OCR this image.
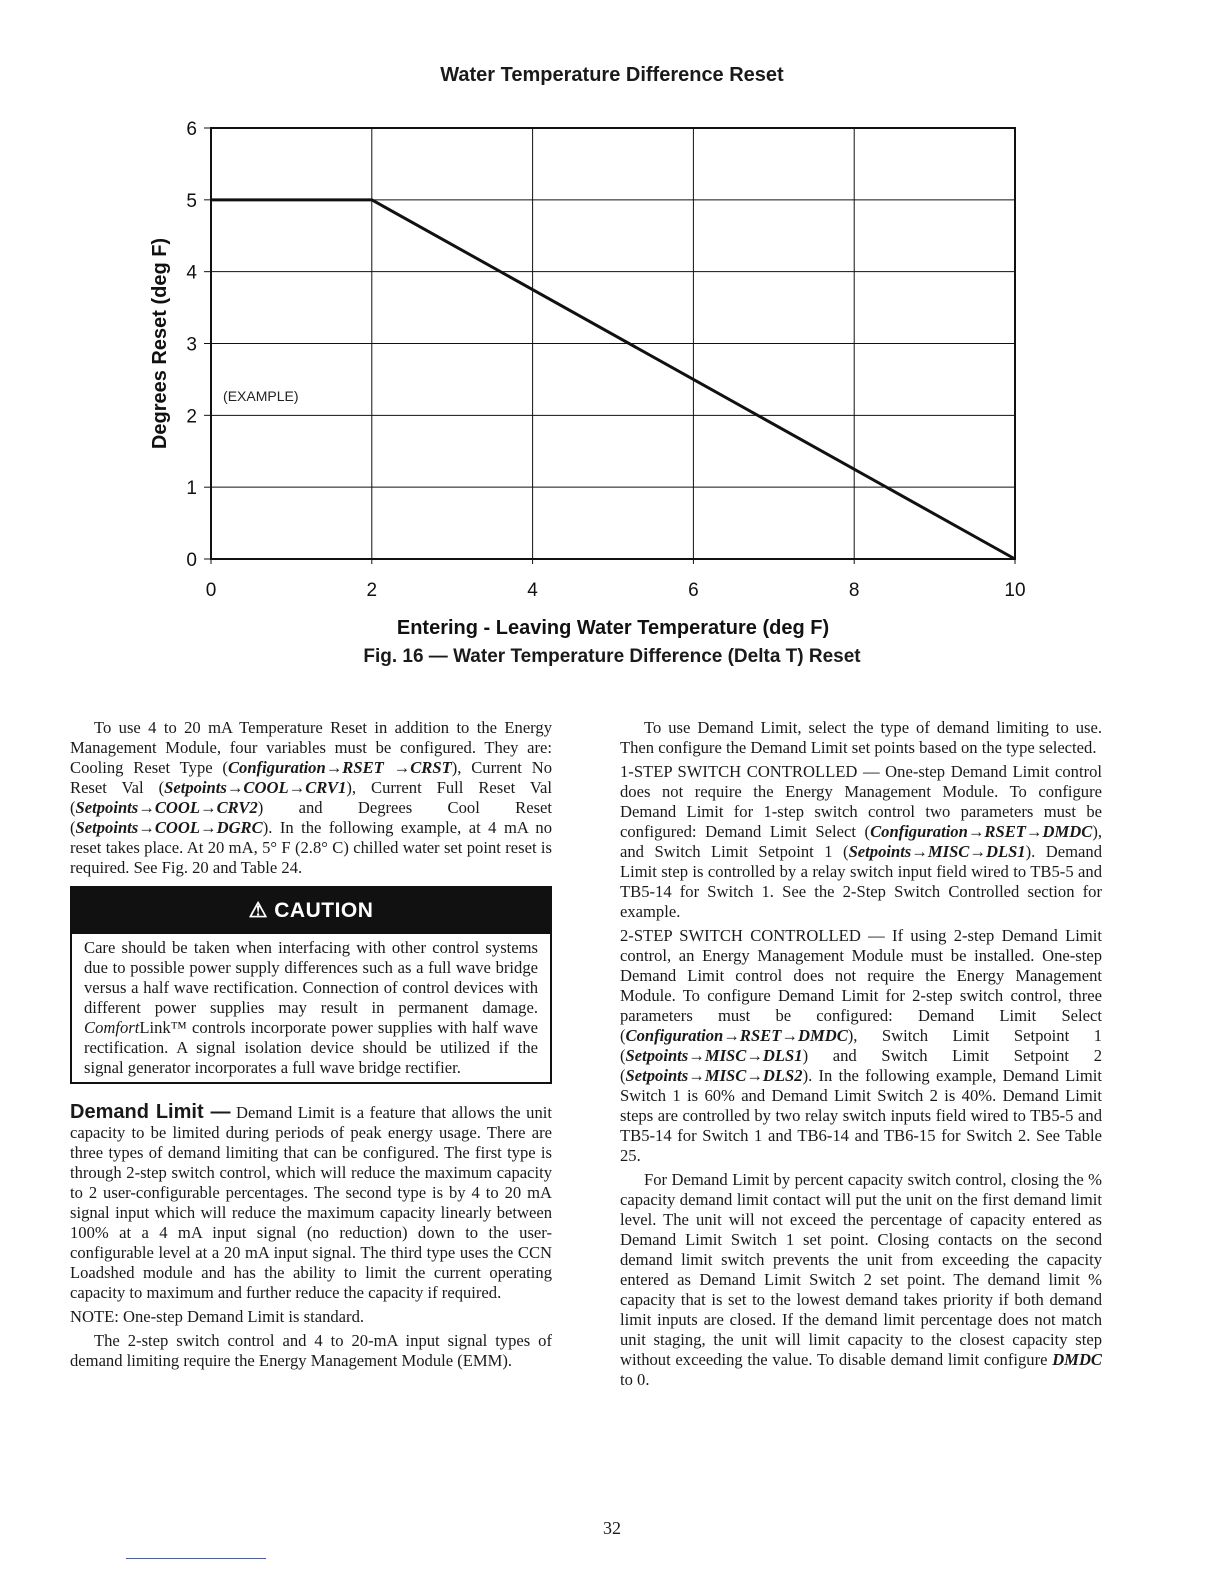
Water Temperature Difference Reset
0
1
2
3
4
5
6
0	2	4	6	8	10
(EXAMPLE)
Degrees Reset (deg F)
Entering - Leaving Water Temperature (deg F)
Fig. 16 — Water Temperature Difference (Delta T) Reset

To use 4 to 20 mA Temperature Reset in addition to the Energy Management Module, four variables must be configured. They are: Cooling Reset Type (Configuration→RSET →CRST), Current No Reset Val (Setpoints→COOL→CRV1), Current Full Reset Val (Setpoints→COOL→CRV2) and Degrees Cool Reset (Setpoints→COOL→DGRC). In the following example, at 4 mA no reset takes place. At 20 mA, 5° F (2.8° C) chilled water set point reset is required. See Fig. 20 and Table 24.

⚠ CAUTION
Care should be taken when interfacing with other control systems due to possible power supply differences such as a full wave bridge versus a half wave rectification. Connection of control devices with different power supplies may result in permanent damage. ComfortLink™ controls incorporate power supplies with half wave rectification. A signal isolation device should be utilized if the signal generator incorporates a full wave bridge rectifier.

Demand Limit — Demand Limit is a feature that allows the unit capacity to be limited during periods of peak energy usage. There are three types of demand limiting that can be configured. The first type is through 2-step switch control, which will reduce the maximum capacity to 2 user-configurable percentages. The second type is by 4 to 20 mA signal input which will reduce the maximum capacity linearly between 100% at a 4 mA input signal (no reduction) down to the user-configurable level at a 20 mA input signal. The third type uses the CCN Loadshed module and has the ability to limit the current operating capacity to maximum and further reduce the capacity if required.

NOTE: One-step Demand Limit is standard.

The 2-step switch control and 4 to 20-mA input signal types of demand limiting require the Energy Management Module (EMM).

To use Demand Limit, select the type of demand limiting to use. Then configure the Demand Limit set points based on the type selected.

1-STEP SWITCH CONTROLLED — One-step Demand Limit control does not require the Energy Management Module. To configure Demand Limit for 1-step switch control two parameters must be configured: Demand Limit Select (Configuration→RSET→DMDC), and Switch Limit Setpoint 1 (Setpoints→MISC→DLS1). Demand Limit step is controlled by a relay switch input field wired to TB5-5 and TB5-14 for Switch 1. See the 2-Step Switch Controlled section for example.

2-STEP SWITCH CONTROLLED — If using 2-step Demand Limit control, an Energy Management Module must be installed. One-step Demand Limit control does not require the Energy Management Module. To configure Demand Limit for 2-step switch control, three parameters must be configured: Demand Limit Select (Configuration→RSET→DMDC), Switch Limit Setpoint 1 (Setpoints→MISC→DLS1) and Switch Limit Setpoint 2 (Setpoints→MISC→DLS2). In the following example, Demand Limit Switch 1 is 60% and Demand Limit Switch 2 is 40%. Demand Limit steps are controlled by two relay switch inputs field wired to TB5-5 and TB5-14 for Switch 1 and TB6-14 and TB6-15 for Switch 2. See Table 25.

For Demand Limit by percent capacity switch control, closing the % capacity demand limit contact will put the unit on the first demand limit level. The unit will not exceed the percentage of capacity entered as Demand Limit Switch 1 set point. Closing contacts on the second demand limit switch prevents the unit from exceeding the capacity entered as Demand Limit Switch 2 set point. The demand limit % capacity that is set to the lowest demand takes priority if both demand limit inputs are closed. If the demand limit percentage does not match unit staging, the unit will limit capacity to the closest capacity step without exceeding the value. To disable demand limit configure DMDC to 0.

32
